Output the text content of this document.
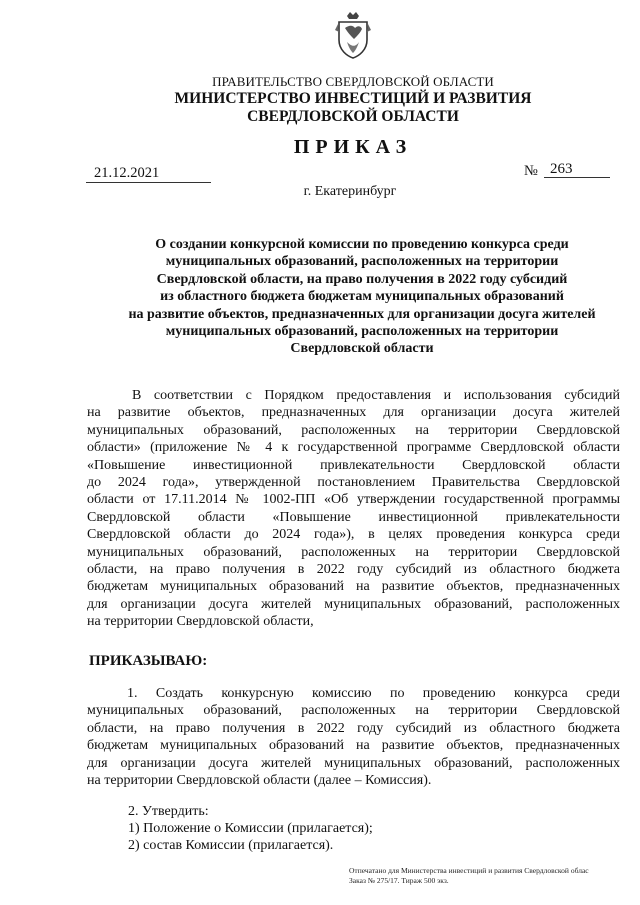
ПРАВИТЕЛЬСТВО СВЕРДЛОВСКОЙ ОБЛАСТИ
МИНИСТЕРСТВО ИНВЕСТИЦИЙ И РАЗВИТИЯ
СВЕРДЛОВСКОЙ ОБЛАСТИ
ПРИКАЗ
21.12.2021	№ 263
г. Екатеринбург
О создании конкурсной комиссии по проведению конкурса среди
муниципальных образований, расположенных на территории
Свердловской области, на право получения в 2022 году субсидий
из областного бюджета бюджетам муниципальных образований
на развитие объектов, предназначенных для организации досуга жителей
муниципальных образований, расположенных на территории
Свердловской области
В соответствии с Порядком предоставления и использования субсидий
на развитие объектов, предназначенных для организации досуга жителей
муниципальных образований, расположенных на территории Свердловской
области» (приложение № 4 к государственной программе Свердловской области
«Повышение инвестиционной привлекательности Свердловской области
до 2024 года», утвержденной постановлением Правительства Свердловской
области от 17.11.2014 № 1002-ПП «Об утверждении государственной программы
Свердловской области «Повышение инвестиционной привлекательности
Свердловской области до 2024 года»), в целях проведения конкурса среди
муниципальных образований, расположенных на территории Свердловской
области, на право получения в 2022 году субсидий из областного бюджета
бюджетам муниципальных образований на развитие объектов, предназначенных
для организации досуга жителей муниципальных образований, расположенных
на территории Свердловской области,
ПРИКАЗЫВАЮ:
1. Создать конкурсную комиссию по проведению конкурса среди
муниципальных образований, расположенных на территории Свердловской
области, на право получения в 2022 году субсидий из областного бюджета
бюджетам муниципальных образований на развитие объектов, предназначенных
для организации досуга жителей муниципальных образований, расположенных
на территории Свердловской области (далее – Комиссия).
2. Утвердить:
1) Положение о Комиссии (прилагается);
2) состав Комиссии (прилагается).
Отпечатано для Министерства инвестиций и развития Свердловской облас
Заказ № 275/17. Тираж 500 экз.
